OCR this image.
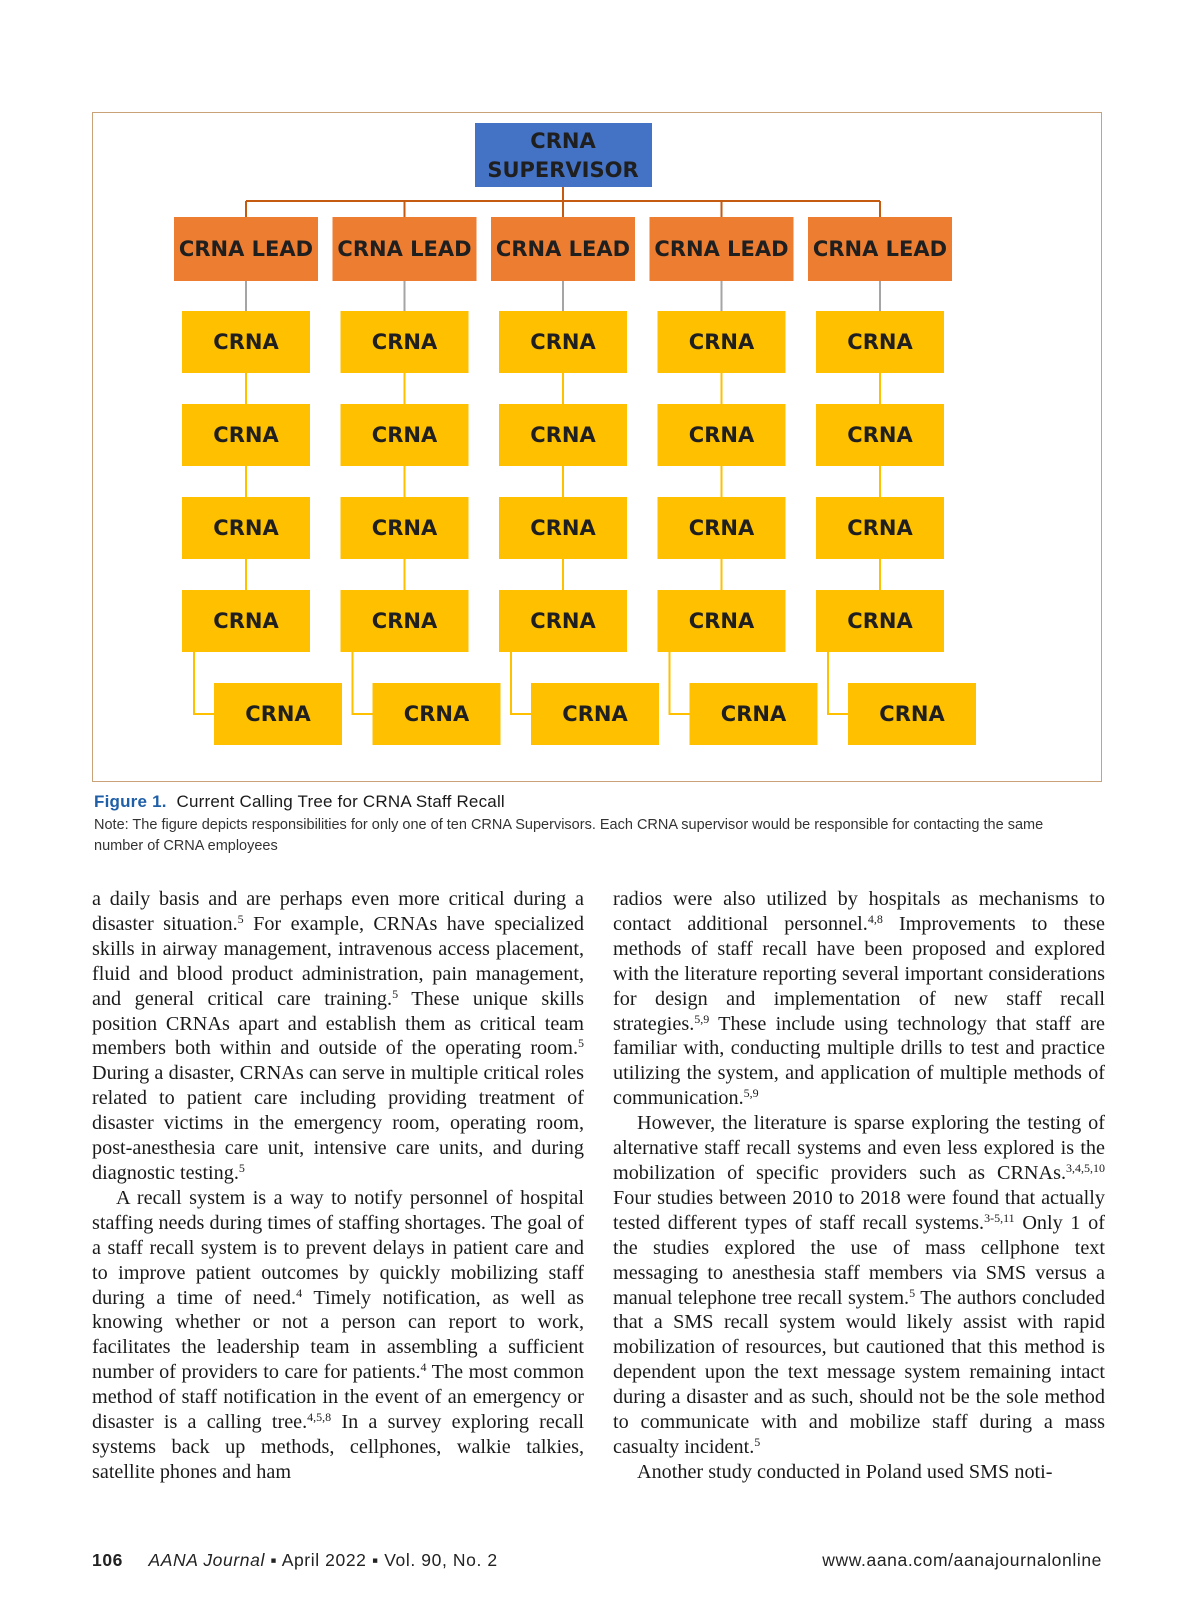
CRNA
SUPERVISOR
CRNA LEAD
CRNA
CRNA
CRNA
CRNA
CRNA
CRNA LEAD
CRNA
CRNA
CRNA
CRNA
CRNA
CRNA LEAD
CRNA
CRNA
CRNA
CRNA
CRNA
CRNA LEAD
CRNA
CRNA
CRNA
CRNA
CRNA
CRNA LEAD
CRNA
CRNA
CRNA
CRNA
CRNA
Figure 1. Current Calling Tree for CRNA Staff Recall
Note: The figure depicts responsibilities for only one of ten CRNA Supervisors. Each CRNA supervisor would be responsible for contacting the same number of CRNA employees

a daily basis and are perhaps even more critical during a disaster situation.$^5$ For example, CRNAs have specialized skills in airway management, intravenous access placement, fluid and blood product administration, pain management, and general critical care training.$^5$ These unique skills position CRNAs apart and establish them as critical team members both within and outside of the operating room.$^5$ During a disaster, CRNAs can serve in multiple critical roles related to patient care including providing treatment of disaster victims in the emergency room, operating room, post-anesthesia care unit, intensive care units, and during diagnostic testing.$^5$

A recall system is a way to notify personnel of hospital staffing needs during times of staffing shortages. The goal of a staff recall system is to prevent delays in patient care and to improve patient outcomes by quickly mobilizing staff during a time of need.$^4$ Timely notification, as well as knowing whether or not a person can report to work, facilitates the leadership team in assembling a sufficient number of providers to care for patients.$^4$ The most common method of staff notification in the event of an emergency or disaster is a calling tree.$^{4,5,8}$ In a survey exploring recall systems back up methods, cellphones, walkie talkies, satellite phones and ham

radios were also utilized by hospitals as mechanisms to contact additional personnel.$^{4,8}$ Improvements to these methods of staff recall have been proposed and explored with the literature reporting several important considerations for design and implementation of new staff recall strategies.$^{5,9}$ These include using technology that staff are familiar with, conducting multiple drills to test and practice utilizing the system, and application of multiple methods of communication.$^{5,9}$

However, the literature is sparse exploring the testing of alternative staff recall systems and even less explored is the mobilization of specific providers such as CRNAs.$^{3,4,5,10}$ Four studies between 2010 to 2018 were found that actually tested different types of staff recall systems.$^{3-5,11}$ Only 1 of the studies explored the use of mass cellphone text messaging to anesthesia staff members via SMS versus a manual telephone tree recall system.$^5$ The authors concluded that a SMS recall system would likely assist with rapid mobilization of resources, but cautioned that this method is dependent upon the text message system remaining intact during a disaster and as such, should not be the sole method to communicate with and mobilize staff during a mass casualty incident.$^5$

Another study conducted in Poland used SMS noti-

106 AANA Journal ▪ April 2022 ▪ Vol. 90, No. 2	www.aana.com/aanajournalonline
